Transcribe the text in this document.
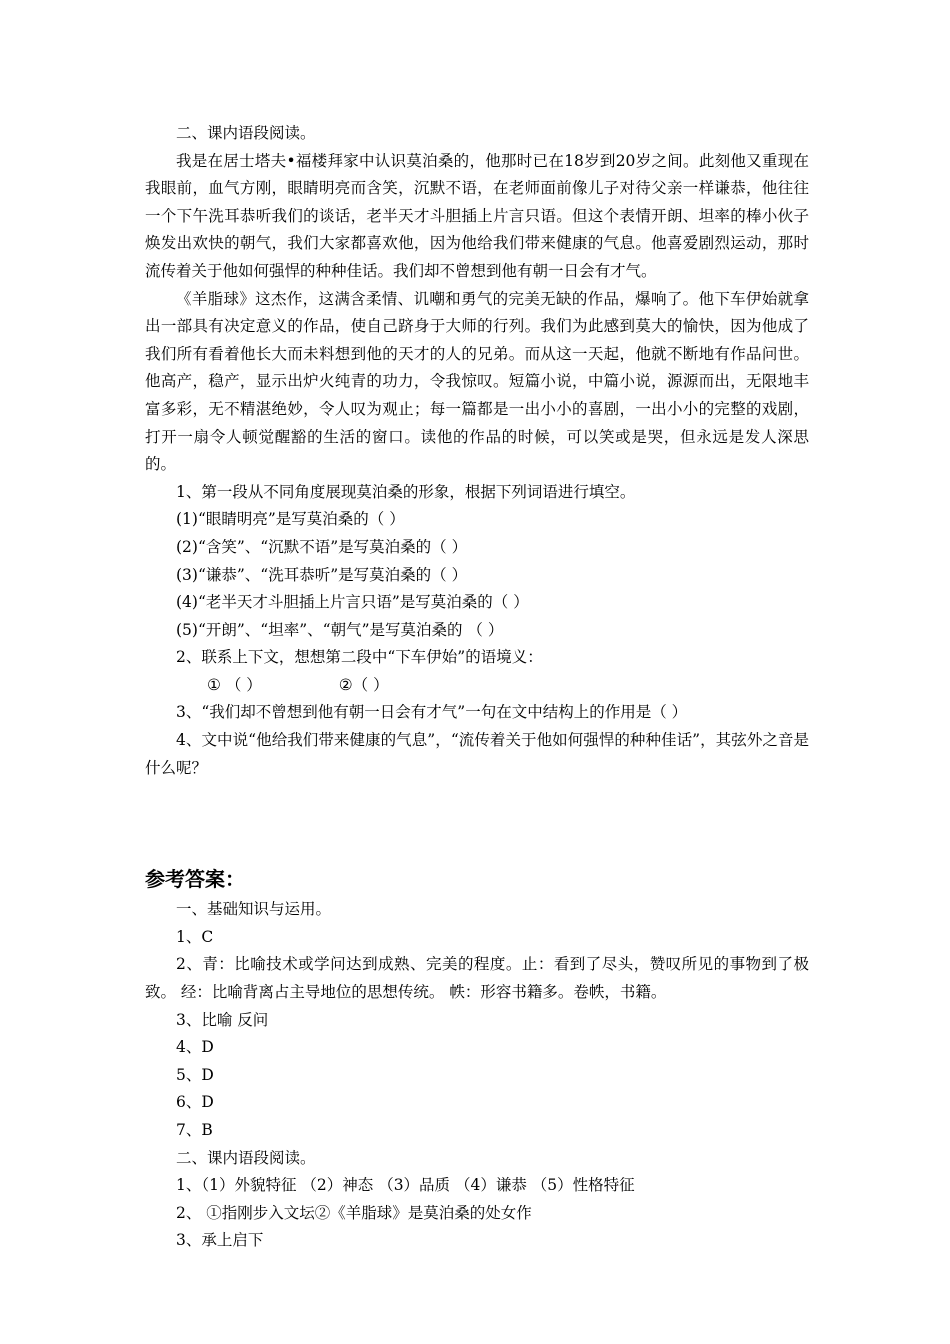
二、课内语段阅读。

我是在居士塔夫•福楼拜家中认识莫泊桑的，他那时已在18岁到20岁之间。此刻他又重现在我眼前，血气方刚，眼睛明亮而含笑，沉默不语，在老师面前像儿子对待父亲一样谦恭，他往往一个下午洗耳恭听我们的谈话，老半天才斗胆插上片言只语。但这个表情开朗、坦率的棒小伙子焕发出欢快的朝气，我们大家都喜欢他，因为他给我们带来健康的气息。他喜爱剧烈运动，那时流传着关于他如何强悍的种种佳话。我们却不曾想到他有朝一日会有才气。

《羊脂球》这杰作，这满含柔情、讥嘲和勇气的完美无缺的作品，爆响了。他下车伊始就拿出一部具有决定意义的作品，使自己跻身于大师的行列。我们为此感到莫大的愉快，因为他成了我们所有看着他长大而未料想到他的天才的人的兄弟。而从这一天起，他就不断地有作品问世。他高产，稳产，显示出炉火纯青的功力，令我惊叹。短篇小说，中篇小说，源源而出，无限地丰富多彩，无不精湛绝妙，令人叹为观止；每一篇都是一出小小的喜剧，一出小小的完整的戏剧，打开一扇令人顿觉醒豁的生活的窗口。读他的作品的时候，可以笑或是哭，但永远是发人深思的。

1、第一段从不同角度展现莫泊桑的形象，根据下列词语进行填空。

(1)“眼睛明亮”是写莫泊桑的（ ）

(2)“含笑”、“沉默不语”是写莫泊桑的（ ）

(3)“谦恭”、“洗耳恭听”是写莫泊桑的（ ）

(4)“老半天才斗胆插上片言只语”是写莫泊桑的（ ）

(5)“开朗”、“坦率”、“朝气”是写莫泊桑的 （ ）

2、联系上下文，想想第二段中“下车伊始”的语境义：

① （ ）	②（ ）

3、“我们却不曾想到他有朝一日会有才气”一句在文中结构上的作用是（ ）

4、文中说“他给我们带来健康的气息”，“流传着关于他如何强悍的种种佳话”，其弦外之音是什么呢？

参考答案：

一、基础知识与运用。

1、C

2、青：比喻技术或学问达到成熟、完美的程度。止：看到了尽头，赞叹所见的事物到了极致。 经：比喻背离占主导地位的思想传统。 帙：形容书籍多。卷帙，书籍。

3、比喻 反问

4、D

5、D

6、D

7、B

二、课内语段阅读。

1、（1）外貌特征 （2）神态 （3）品质 （4）谦恭 （5）性格特征

2、 ①指刚步入文坛②《羊脂球》是莫泊桑的处女作

3、承上启下
